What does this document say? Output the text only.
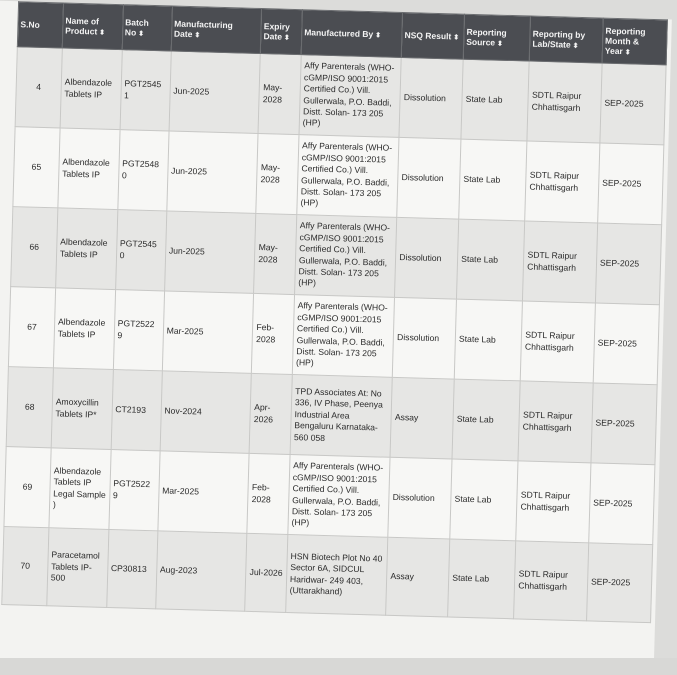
S.No	Name of Product ⬍	Batch No ⬍	Manufacturing Date ⬍	Expiry Date ⬍	Manufactured By ⬍	NSQ Result ⬍	Reporting Source ⬍	Reporting by Lab/State ⬍	Reporting Month & Year ⬍
4	Albendazole Tablets IP	PGT2545 1	Jun-2025	May-2028	Affy Parenterals (WHO- cGMP/ISO 9001:2015 Certified Co.) Vill. Gullerwala, P.O. Baddi, Distt. Solan- 173 205 (HP)	Dissolution	State Lab	SDTL Raipur Chhattisgarh	SEP-2025
65	Albendazole Tablets IP	PGT2548 0	Jun-2025	May-2028	Affy Parenterals (WHO- cGMP/ISO 9001:2015 Certified Co.) Vill. Gullerwala, P.O. Baddi, Distt. Solan- 173 205 (HP)	Dissolution	State Lab	SDTL Raipur Chhattisgarh	SEP-2025
66	Albendazole Tablets IP	PGT2545 0	Jun-2025	May-2028	Affy Parenterals (WHO- cGMP/ISO 9001:2015 Certified Co.) Vill. Gullerwala, P.O. Baddi, Distt. Solan- 173 205 (HP)	Dissolution	State Lab	SDTL Raipur Chhattisgarh	SEP-2025
67	Albendazole Tablets IP	PGT2522 9	Mar-2025	Feb-2028	Affy Parenterals (WHO- cGMP/ISO 9001:2015 Certified Co.) Vill. Gullerwala, P.O. Baddi, Distt. Solan- 173 205 (HP)	Dissolution	State Lab	SDTL Raipur Chhattisgarh	SEP-2025
68	Amoxycillin Tablets IP*	CT2193	Nov-2024	Apr-2026	TPD Associates At: No 336, IV Phase, Peenya Industrial Area Bengaluru Karnataka-560 058	Assay	State Lab	SDTL Raipur Chhattisgarh	SEP-2025
69	Albendazole Tablets IP Legal Sample )	PGT2522 9	Mar-2025	Feb-2028	Affy Parenterals (WHO- cGMP/ISO 9001:2015 Certified Co.) Vill. Gullerwala, P.O. Baddi, Distt. Solan- 173 205 (HP)	Dissolution	State Lab	SDTL Raipur Chhattisgarh	SEP-2025
70	Paracetamol Tablets IP- 500	CP30813	Aug-2023	Jul-2026	HSN Biotech Plot No 40 Sector 6A, SIDCUL Haridwar- 249 403, (Uttarakhand)	Assay	State Lab	SDTL Raipur Chhattisgarh	SEP-2025
